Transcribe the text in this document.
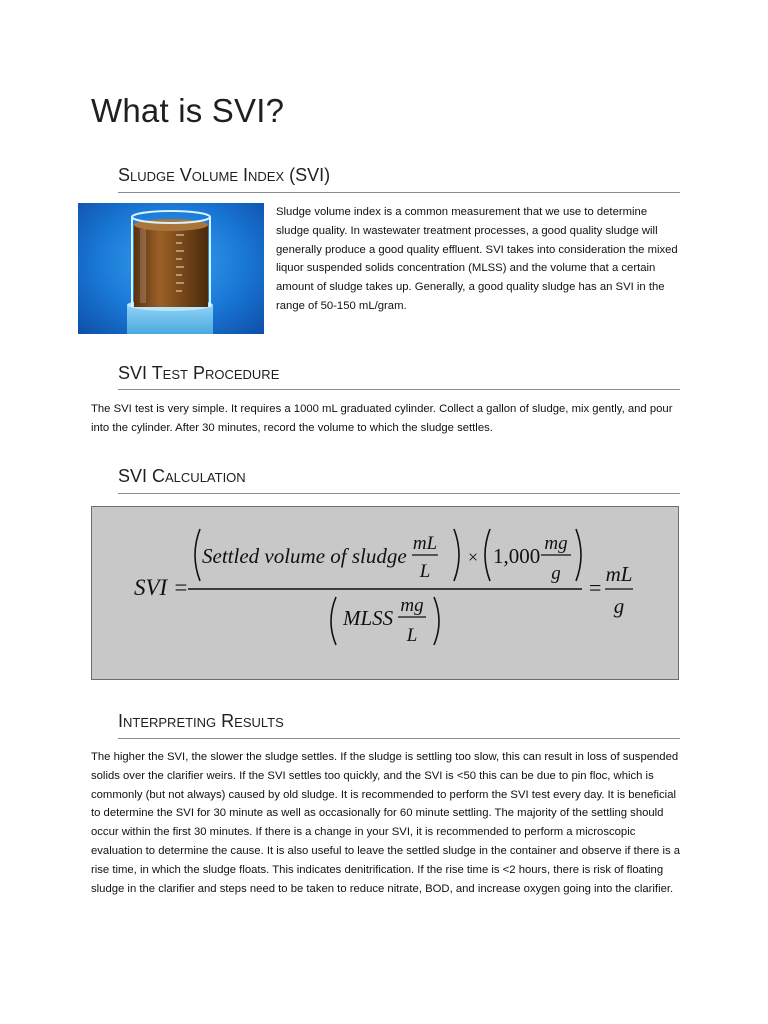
What is SVI?
Sludge Volume Index (SVI)

Sludge volume index is a common measurement that we use to determine sludge quality. In wastewater treatment processes, a good quality sludge will generally produce a good quality effluent. SVI takes into consideration the mixed liquor suspended solids concentration (MLSS) and the volume that a certain amount of sludge takes up. Generally, a good quality sludge has an SVI in the range of 50-150 mL/gram.

SVI Test Procedure

The SVI test is very simple. It requires a 1000 mL graduated cylinder. Collect a gallon of sludge, mix gently, and pour into the cylinder. After 30 minutes, record the volume to which the sludge settles.

SVI Calculation
SVI =
Settled volume of sludge
mL
L
× 1,000
mg
g
MLSS
mg
L
=
mL
g
Interpreting Results

The higher the SVI, the slower the sludge settles. If the sludge is settling too slow, this can result in loss of suspended solids over the clarifier weirs. If the SVI settles too quickly, and the SVI is <50 this can be due to pin floc, which is commonly (but not always) caused by old sludge. It is recommended to perform the SVI test every day. It is beneficial to determine the SVI for 30 minute as well as occasionally for 60 minute settling. The majority of the settling should occur within the first 30 minutes. If there is a change in your SVI, it is recommended to perform a microscopic evaluation to determine the cause. It is also useful to leave the settled sludge in the container and observe if there is a rise time, in which the sludge floats. This indicates denitrification. If the rise time is <2 hours, there is risk of floating sludge in the clarifier and steps need to be taken to reduce nitrate, BOD, and increase oxygen going into the clarifier.
